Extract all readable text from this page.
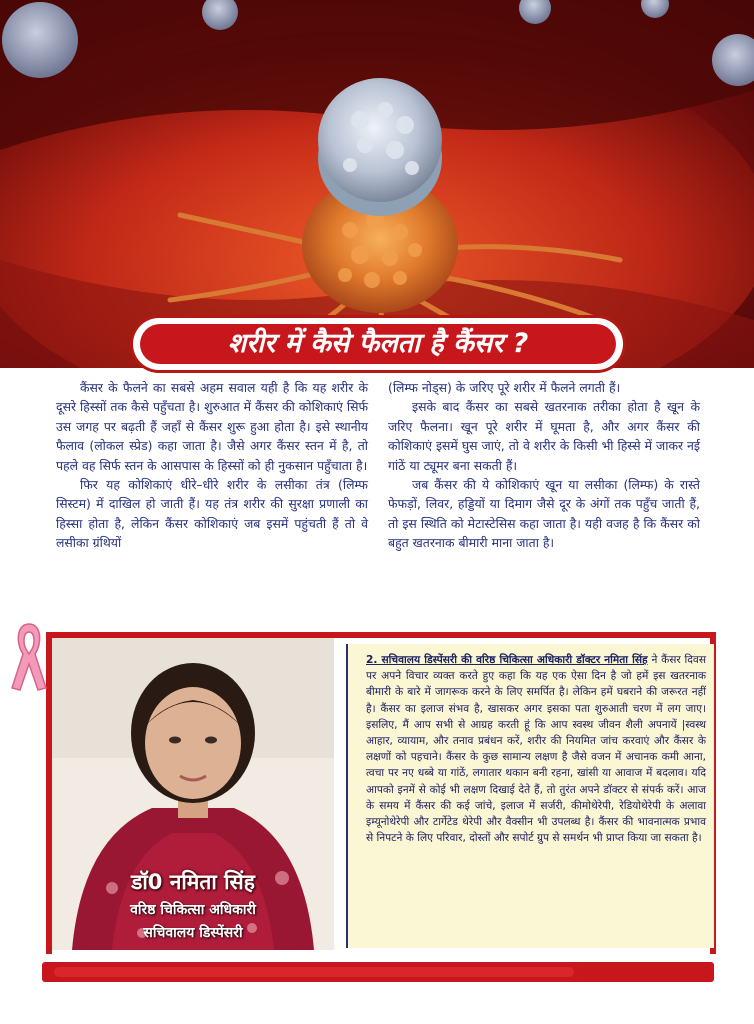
शरीर में कैसे फैलता है कैंसर ?

कैंसर के फैलने का सबसे अहम सवाल यही है कि यह शरीर के दूसरे हिस्सों तक कैसे पहुँचता है। शुरुआत में कैंसर की कोशिकाएं सिर्फ उस जगह पर बढ़ती हैं जहाँ से कैंसर शुरू हुआ होता है। इसे स्थानीय फैलाव (लोकल स्प्रेड) कहा जाता है। जैसे अगर कैंसर स्तन में है, तो पहले वह सिर्फ स्तन के आसपास के हिस्सों को ही नुकसान पहुँचाता है।

फिर यह कोशिकाएं धीरे–धीरे शरीर के लसीका तंत्र (लिम्फ सिस्टम) में दाखिल हो जाती हैं। यह तंत्र शरीर की सुरक्षा प्रणाली का हिस्सा होता है, लेकिन कैंसर कोशिकाएं जब इसमें पहुंचती हैं तो वे लसीका ग्रंथियों

(लिम्फ नोड्स) के जरिए पूरे शरीर में फैलने लगती हैं।

इसके बाद कैंसर का सबसे खतरनाक तरीका होता है खून के जरिए फैलना। खून पूरे शरीर में घूमता है, और अगर कैंसर की कोशिकाएं इसमें घुस जाएं, तो वे शरीर के किसी भी हिस्से में जाकर नई गांठें या ट्यूमर बना सकती हैं।

जब कैंसर की ये कोशिकाएं खून या लसीका (लिम्फ) के रास्ते फेफड़ों, लिवर, हड्डियों या दिमाग जैसे दूर के अंगों तक पहुँच जाती हैं, तो इस स्थिति को मेटास्टेसिस कहा जाता है। यही वजह है कि कैंसर को बहुत खतरनाक बीमारी माना जाता है।

डॉ0 नमिता सिंह
वरिष्ठ चिकित्सा अधिकारी
सचिवालय डिस्पेंसरी
2. सचिवालय डिस्पेंसरी की वरिष्ठ चिकित्सा अधिकारी डॉक्टर नमिता सिंह ने कैंसर दिवस पर अपने विचार व्यक्त करते हुए कहा कि यह एक ऐसा दिन है जो हमें इस खतरनाक बीमारी के बारे में जागरूक करने के लिए समर्पित है। लेकिन हमें घबराने की जरूरत नहीं है। कैंसर का इलाज संभव है, खासकर अगर इसका पता शुरुआती चरण में लग जाए। इसलिए, मैं आप सभी से आग्रह करती हूं कि आप स्वस्थ जीवन शैली अपनायें |स्वस्थ आहार, व्यायाम, और तनाव प्रबंधन करें, शरीर की नियमित जांच करवाएं और कैंसर के लक्षणों को पहचाने। कैंसर के कुछ सामान्य लक्षण है जैसे वजन में अचानक कमी आना, त्वचा पर नए धब्बे या गांठें, लगातार थकान बनी रहना, खांसी या आवाज में बदलाव। यदि आपको इनमें से कोई भी लक्षण दिखाई देते हैं, तो तुरंत अपने डॉक्टर से संपर्क करें। आज के समय में कैंसर की कई जांचे, इलाज में सर्जरी, कीमोथेरेपी, रेडियोथेरेपी के अलावा इम्यूनोथेरेपी और टार्गेटेड थेरेपी और वैक्सीन भी उपलब्ध है। कैंसर की भावनात्मक प्रभाव से निपटने के लिए परिवार, दोस्तों और सपोर्ट ग्रुप से समर्थन भी प्राप्त किया जा सकता है।
